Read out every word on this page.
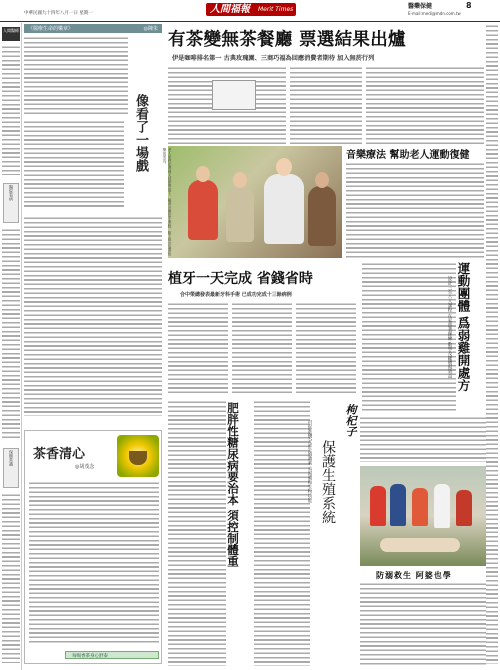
中華民國九十四年八月一日 星期一	人間福報 Merit Times	醫藥保健	8
E-mail:medi@mdn.com.tw
人間醫療
醫院看病
保健常識
《醫療生命的樂章》	◎陳朱
像看了一場戲
茶香清心
◎胡茂念
每喝香茶身心舒泰
有茶變無茶餐廳 票選結果出爐
伊是咖啡排名第一 古典玫瑰園、三商巧福為回應消費者期待 加入無菸行列
老人家們在護理人員的帶領下，隨著音樂拍手運動，臉上都洋溢著快樂的笑容。	音樂療法 幫助老人運動復健
植牙一天完成 省錢省時
合中榮總發表最新牙科手術 已成功完成十三餘病例	運動團體 爲弱雞開處方
設計三至八人課程 在家照著操練 數學及罐體現效益
肥胖性糖尿病要治本 須控制體重	枸杞子
保護生殖系統
可促進體分泌生殖激素 具滋補和生物功能
防溺救生 阿婆也學
